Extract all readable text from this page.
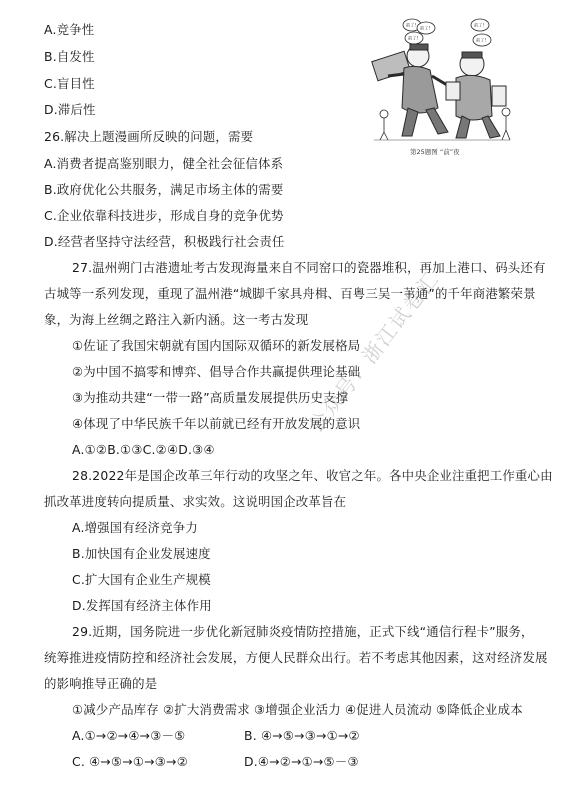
A.竞争性
B.自发性
C.盲目性
D.滞后性
前了!
前了!
前了!
前了!
前了!
第25题图 “前”夜
26.解决上题漫画所反映的问题，需要
A.消费者提高鉴别眼力，健全社会征信体系
B.政府优化公共服务，满足市场主体的需要
C.企业依靠科技进步，形成自身的竞争优势
D.经营者坚持守法经营，积极践行社会责任
27.温州朔门古港遗址考古发现海量来自不同窑口的瓷器堆积，再加上港口、码头还有
古城等一系列发现，重现了温州港“城脚千家具舟楫、百粤三吴一苇通”的千年商港繁荣景
象，为海上丝绸之路注入新内涵。这一考古发现
①佐证了我国宋朝就有国内国际双循环的新发展格局
②为中国不搞零和博弈、倡导合作共赢提供理论基础
③为推动共建“一带一路”高质量发展提供历史支撑
④体现了中华民族千年以前就已经有开放发展的意识
A.①②B.①③C.②④D.③④
28.2022年是国企改革三年行动的攻坚之年、收官之年。各中央企业注重把工作重心由
抓改革进度转向提质量、求实效。这说明国企改革旨在
A.增强国有经济竞争力
B.加快国有企业发展速度
C.扩大国有企业生产规模
D.发挥国有经济主体作用
29.近期，国务院进一步优化新冠肺炎疫情防控措施，正式下线“通信行程卡”服务，
统筹推进疫情防控和经济社会发展，方便人民群众出行。若不考虑其他因素，这对经济发展
的影响推导正确的是
①减少产品库存 ②扩大消费需求 ③增强企业活力 ④促进人员流动 ⑤降低企业成本
A.①→②→④→③－⑤	B. ④→⑤→③→①→②
C. ④→⑤→①→③→②	D.④→②→①→⑤－③
公众号：浙江试卷汇
